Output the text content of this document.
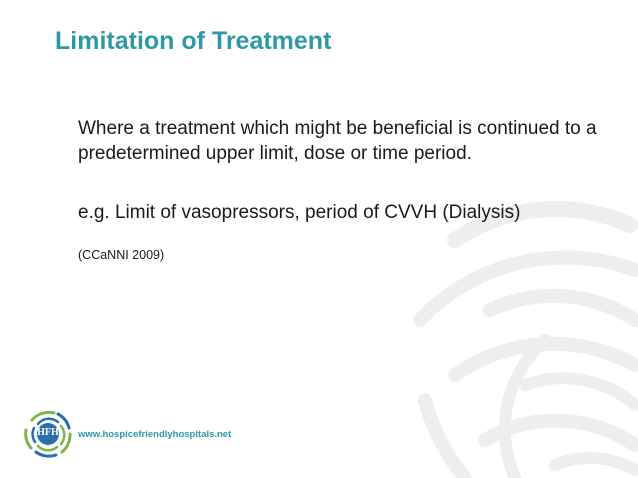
Limitation of Treatment

Where a treatment which might be beneficial is continued to a predetermined upper limit, dose or time period.

e.g. Limit of vasopressors, period of CVVH (Dialysis)

(CCaNNI 2009)

HFH	www.hospicefriendlyhospitals.net
